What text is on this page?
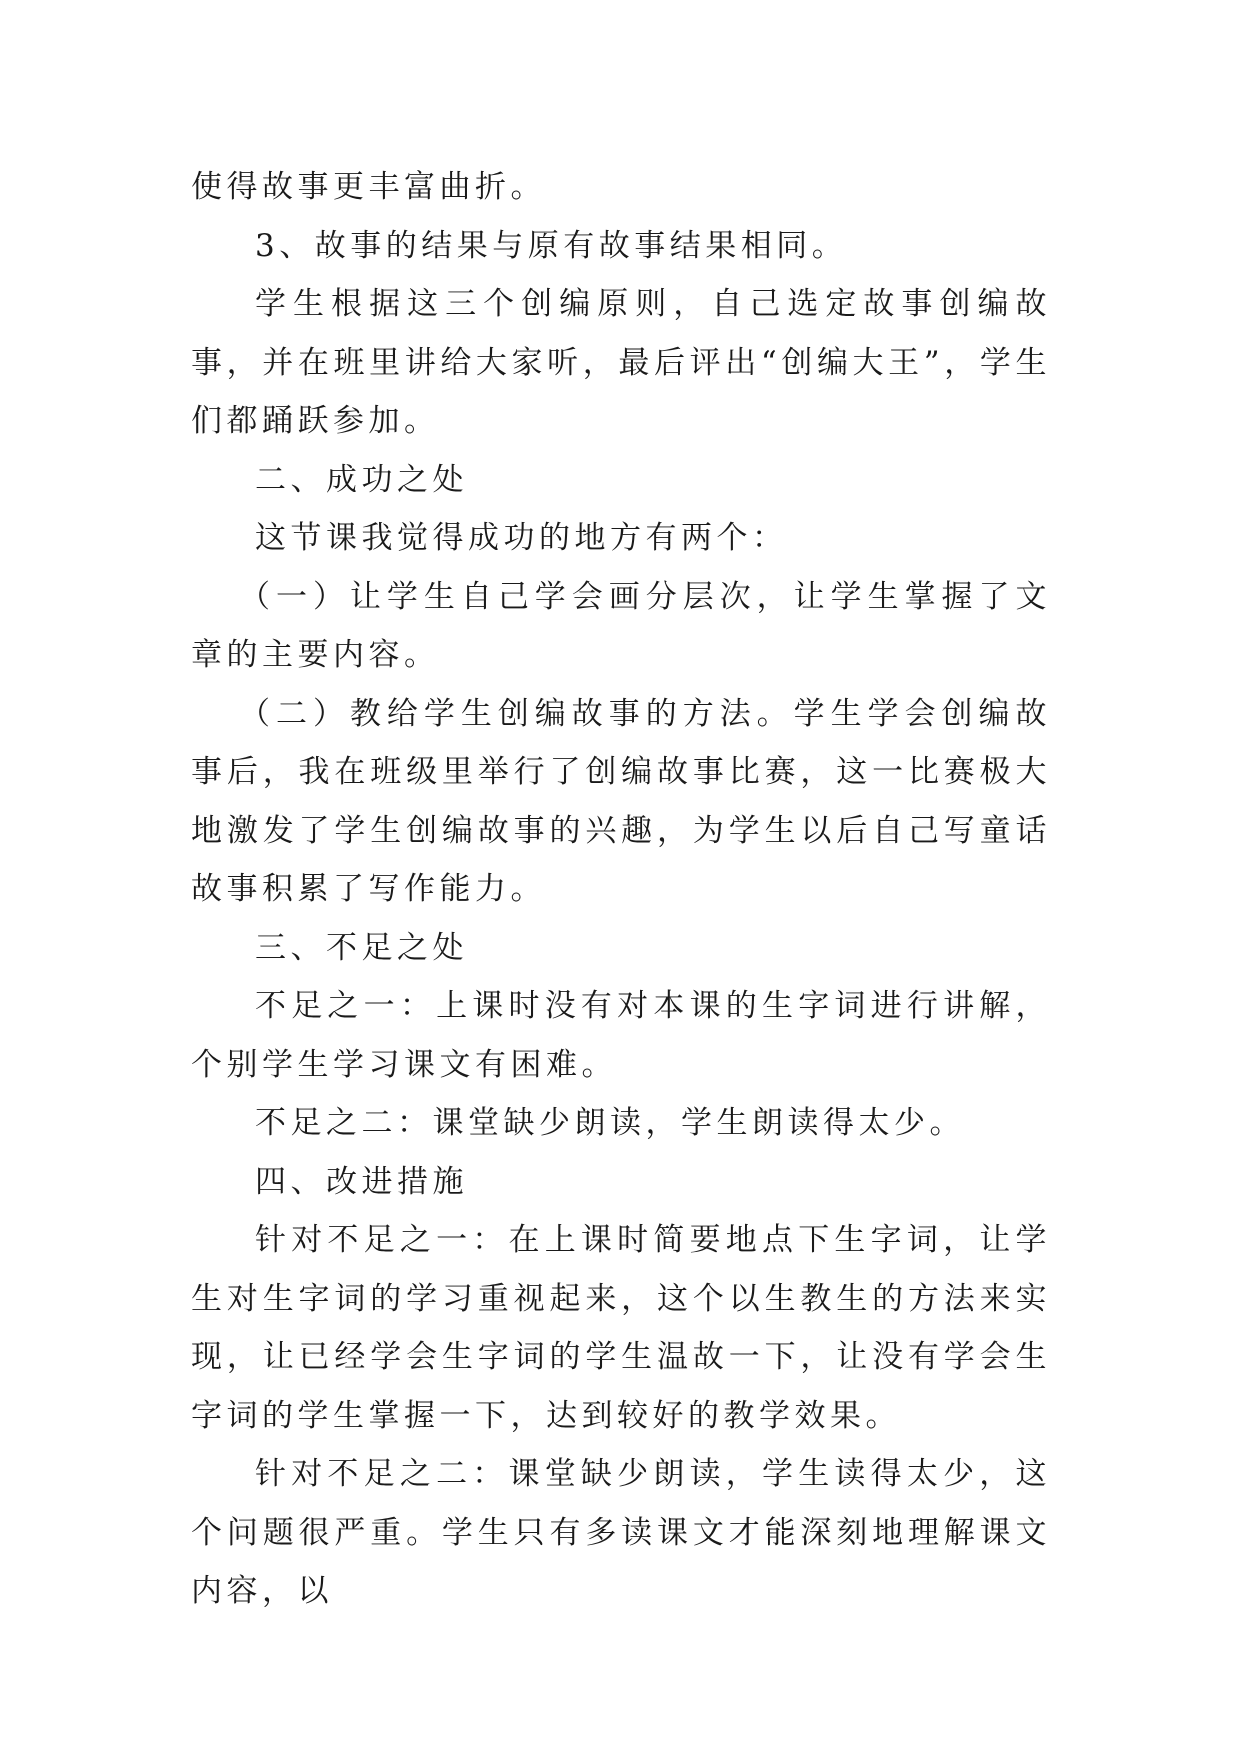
使得故事更丰富曲折。

3、故事的结果与原有故事结果相同。

学生根据这三个创编原则，自己选定故事创编故事，并在班里讲给大家听，最后评出“创编大王”，学生们都踊跃参加。

二、成功之处

这节课我觉得成功的地方有两个：

（一）让学生自己学会画分层次，让学生掌握了文章的主要内容。

（二）教给学生创编故事的方法。学生学会创编故事后，我在班级里举行了创编故事比赛，这一比赛极大地激发了学生创编故事的兴趣，为学生以后自己写童话故事积累了写作能力。

三、不足之处

不足之一：上课时没有对本课的生字词进行讲解，个别学生学习课文有困难。

不足之二：课堂缺少朗读，学生朗读得太少。

四、改进措施

针对不足之一：在上课时简要地点下生字词，让学生对生字词的学习重视起来，这个以生教生的方法来实现，让已经学会生字词的学生温故一下，让没有学会生字词的学生掌握一下，达到较好的教学效果。

针对不足之二：课堂缺少朗读，学生读得太少，这个问题很严重。学生只有多读课文才能深刻地理解课文内容，以
